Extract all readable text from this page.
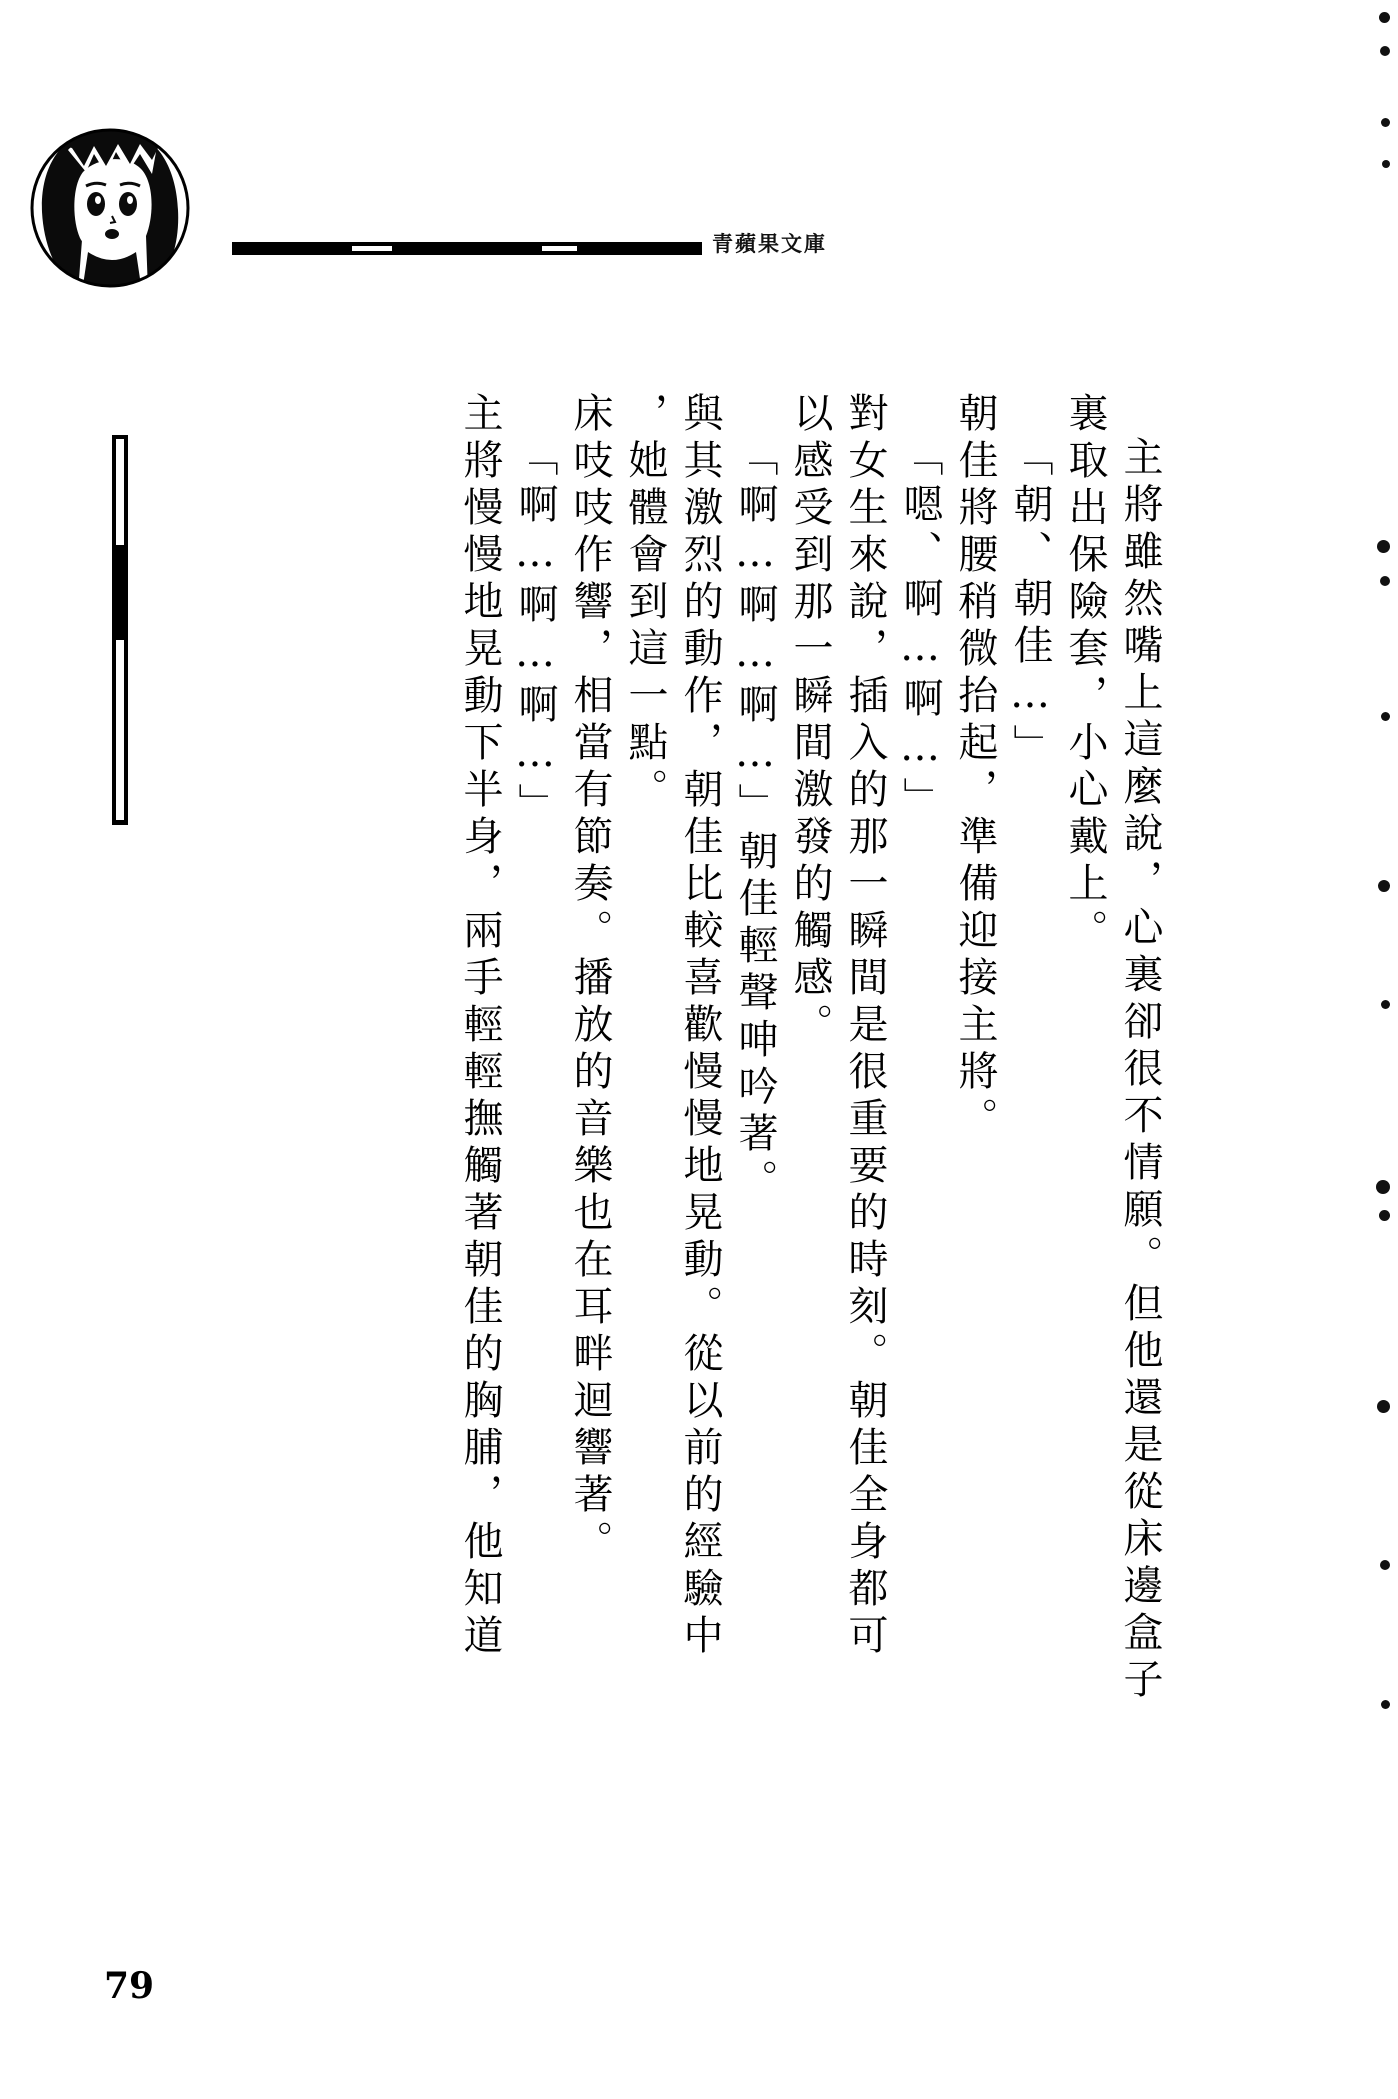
青蘋果文庫
主將雖然嘴上這麼說，心裏卻很不情願。但他還是從床邊盒子
裏取出保險套，小心戴上。
「朝、朝佳…」
朝佳將腰稍微抬起，準備迎接主將。
「嗯、啊…啊…」
對女生來說，插入的那一瞬間是很重要的時刻。朝佳全身都可
以感受到那一瞬間激發的觸感。
「啊…啊…啊…」朝佳輕聲呻吟著。
與其激烈的動作，朝佳比較喜歡慢慢地晃動。從以前的經驗中
，她體會到這一點。
床吱吱作響，相當有節奏。播放的音樂也在耳畔迴響著。
「啊…啊…啊…」
主將慢慢地晃動下半身，兩手輕輕撫觸著朝佳的胸脯，他知道
79
